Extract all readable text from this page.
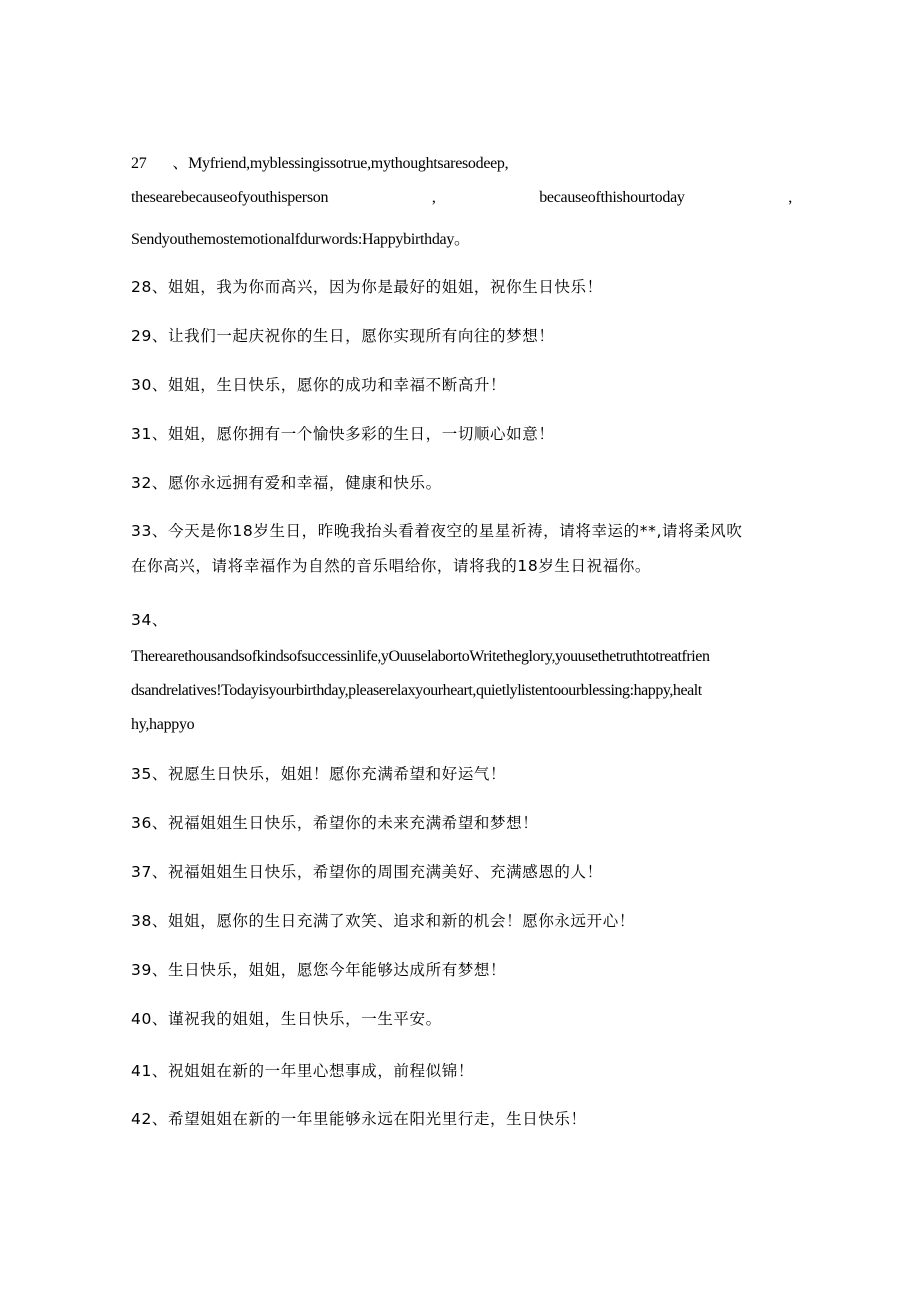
27 、Myfriend,myblessingissotrue,mythoughtsaresodeep,
thesearebecauseofyouthisperson	,	becauseofthishourtoday	,
Sendyouthemostemotionalfdurwords:Happybirthday。

28、姐姐，我为你而高兴，因为你是最好的姐姐，祝你生日快乐！

29、让我们一起庆祝你的生日，愿你实现所有向往的梦想！

30、姐姐，生日快乐，愿你的成功和幸福不断高升！

31、姐姐，愿你拥有一个愉快多彩的生日，一切顺心如意！

32、愿你永远拥有爱和幸福，健康和快乐。

33、今天是你18岁生日，昨晚我抬头看着夜空的星星祈祷，请将幸运的**,请将柔风吹
在你高兴，请将幸福作为自然的音乐唱给你，请将我的18岁生日祝福你。
34、
Therearethousandsofkindsofsuccessinlife,yOuuselabortoWritetheglory,youusethetruthtotreatfrien
dsandrelatives!Todayisyourbirthday,pleaserelaxyourheart,quietlylistentoourblessing:happy,healt
hy,happyo

35、祝愿生日快乐，姐姐！愿你充满希望和好运气！

36、祝福姐姐生日快乐，希望你的未来充满希望和梦想！

37、祝福姐姐生日快乐，希望你的周围充满美好、充满感恩的人！

38、姐姐，愿你的生日充满了欢笑、追求和新的机会！愿你永远开心！

39、生日快乐，姐姐，愿您今年能够达成所有梦想！

40、谨祝我的姐姐，生日快乐，一生平安。

41、祝姐姐在新的一年里心想事成，前程似锦！

42、希望姐姐在新的一年里能够永远在阳光里行走，生日快乐！
